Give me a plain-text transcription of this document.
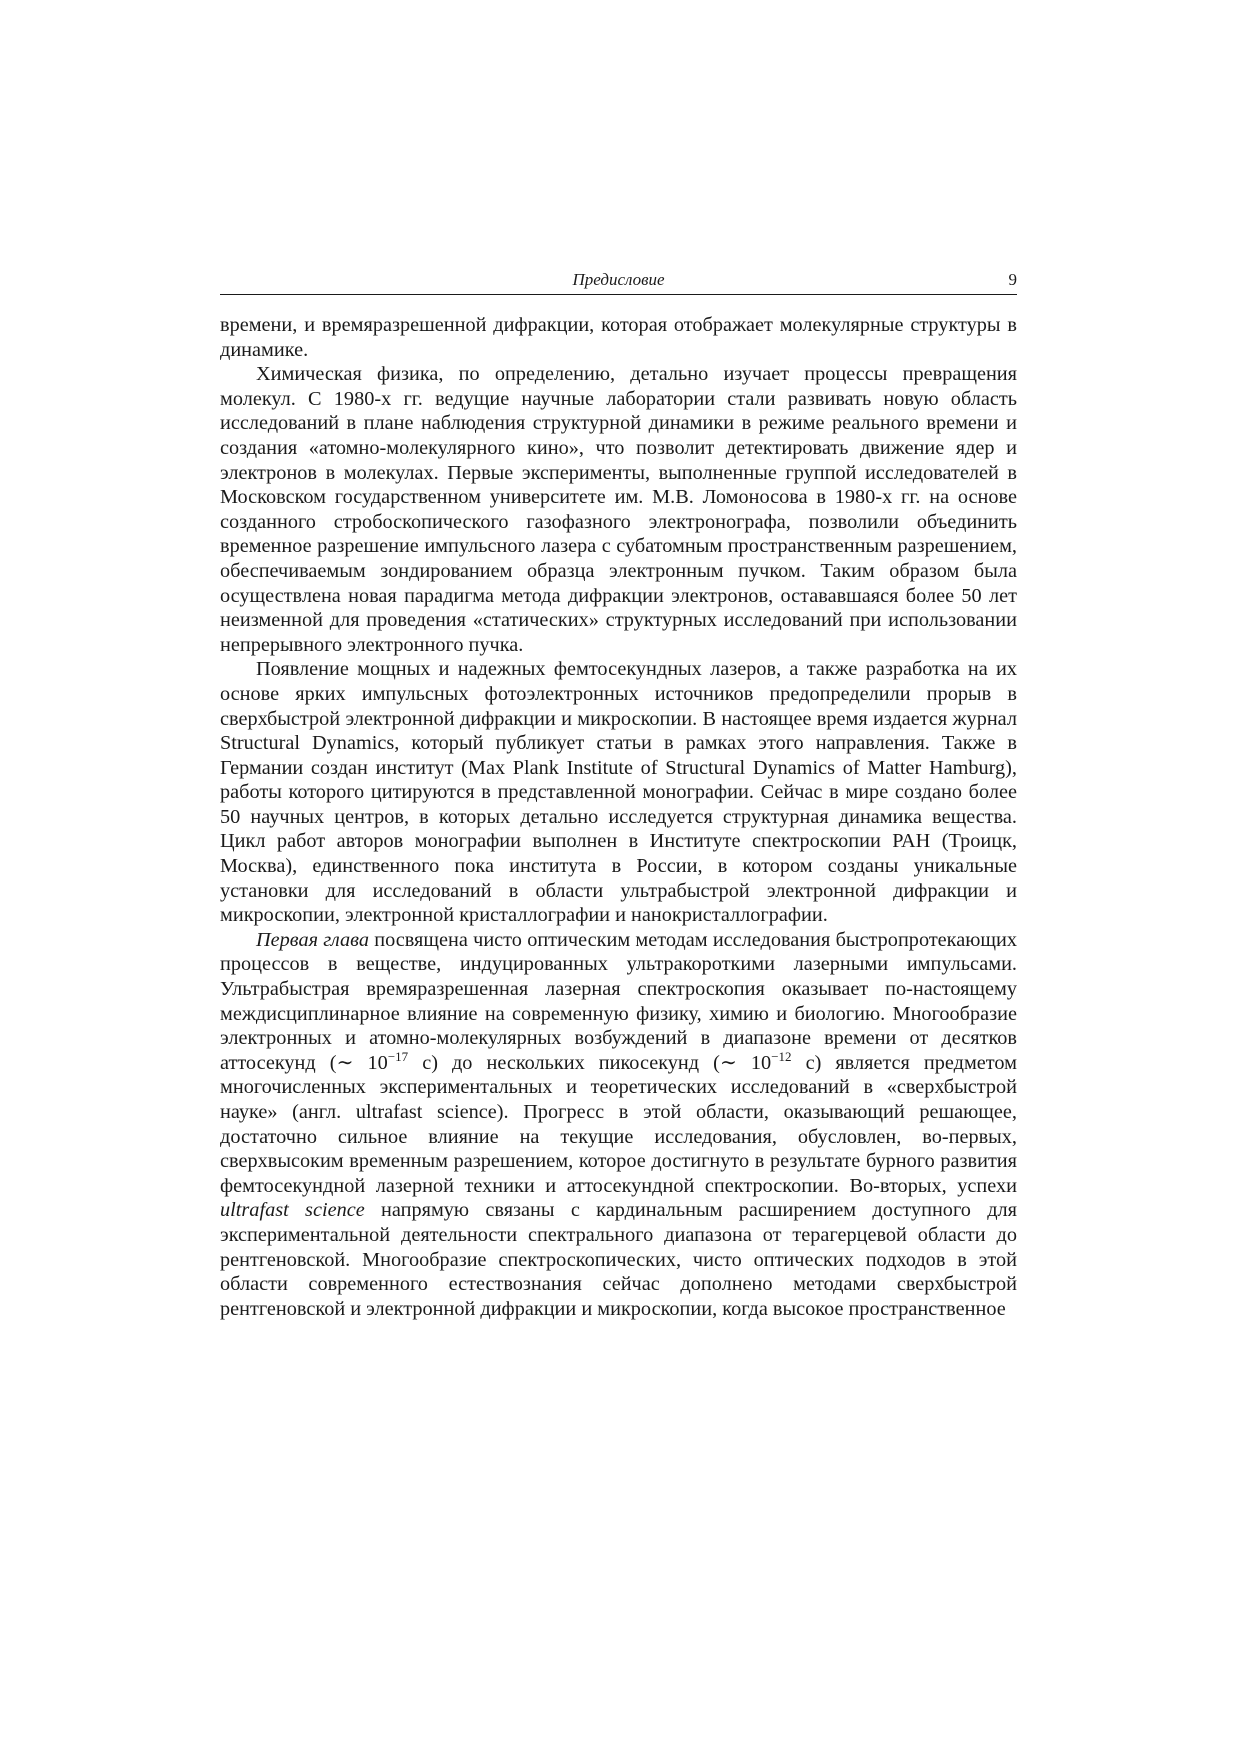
Предисловие	9

времени, и времяразрешенной дифракции, которая отображает молекулярные структуры в динамике.

Химическая физика, по определению, детально изучает процессы превращения молекул. С 1980-х гг. ведущие научные лаборатории стали развивать новую область исследований в плане наблюдения структурной динамики в режиме реального времени и создания «атомно-молекулярного кино», что позволит детектировать движение ядер и электронов в молекулах. Первые эксперименты, выполненные группой исследователей в Московском государственном университете им. М.В. Ломоносова в 1980-х гг. на основе созданного стробоскопического газофазного электронографа, позволили объединить временное разрешение импульсного лазера с субатомным пространственным разрешением, обеспечиваемым зондированием образца электронным пучком. Таким образом была осуществлена новая парадигма метода дифракции электронов, остававшаяся более 50 лет неизменной для проведения «статических» структурных исследований при использовании непрерывного электронного пучка.

Появление мощных и надежных фемтосекундных лазеров, а также разработка на их основе ярких импульсных фотоэлектронных источников предопределили прорыв в сверхбыстрой электронной дифракции и микроскопии. В настоящее время издается журнал Structural Dynamics, который публикует статьи в рамках этого направления. Также в Германии создан институт (Max Plank Institute of Structural Dynamics of Matter Hamburg), работы которого цитируются в представленной монографии. Сейчас в мире создано более 50 научных центров, в которых детально исследуется структурная динамика вещества. Цикл работ авторов монографии выполнен в Институте спектроскопии РАН (Троицк, Москва), единственного пока института в России, в котором созданы уникальные установки для исследований в области ультрабыстрой электронной дифракции и микроскопии, электронной кристаллографии и нанокристаллографии.

Первая глава посвящена чисто оптическим методам исследования быстропротекающих процессов в веществе, индуцированных ультракороткими лазерными импульсами. Ультрабыстрая времяразрешенная лазерная спектроскопия оказывает по-настоящему междисциплинарное влияние на современную физику, химию и биологию. Многообразие электронных и атомно-молекулярных возбуждений в диапазоне времени от десятков аттосекунд (∼ $10^{-17}$ с) до нескольких пикосекунд (∼ $10^{-12}$ с) является предметом многочисленных экспериментальных и теоретических исследований в «сверхбыстрой науке» (англ. ultrafast science). Прогресс в этой области, оказывающий решающее, достаточно сильное влияние на текущие исследования, обусловлен, во-первых, сверхвысоким временным разрешением, которое достигнуто в результате бурного развития фемтосекундной лазерной техники и аттосекундной спектроскопии. Во-вторых, успехи ultrafast science напрямую связаны с кардинальным расширением доступного для экспериментальной деятельности спектрального диапазона от терагерцевой области до рентгеновской. Многообразие спектроскопических, чисто оптических подходов в этой области современного естествознания сейчас дополнено методами сверхбыстрой рентгеновской и электронной дифракции и микроскопии, когда высокое пространственное
